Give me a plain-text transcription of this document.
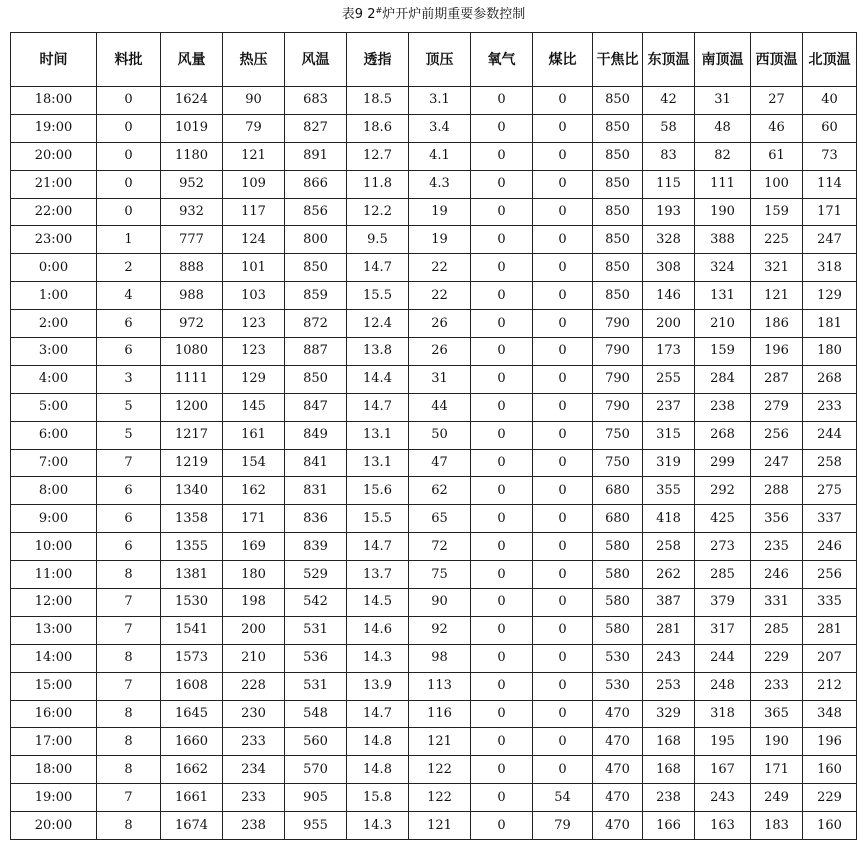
表9 2#炉开炉前期重要参数控制
时间	料批	风量	热压	风温	透指	顶压	氧气	煤比	干焦比	东顶温	南顶温	西顶温	北顶温
18:00	0	1624	90	683	18.5	3.1	0	0	850	42	31	27	40
19:00	0	1019	79	827	18.6	3.4	0	0	850	58	48	46	60
20:00	0	1180	121	891	12.7	4.1	0	0	850	83	82	61	73
21:00	0	952	109	866	11.8	4.3	0	0	850	115	111	100	114
22:00	0	932	117	856	12.2	19	0	0	850	193	190	159	171
23:00	1	777	124	800	9.5	19	0	0	850	328	388	225	247
0:00	2	888	101	850	14.7	22	0	0	850	308	324	321	318
1:00	4	988	103	859	15.5	22	0	0	850	146	131	121	129
2:00	6	972	123	872	12.4	26	0	0	790	200	210	186	181
3:00	6	1080	123	887	13.8	26	0	0	790	173	159	196	180
4:00	3	1111	129	850	14.4	31	0	0	790	255	284	287	268
5:00	5	1200	145	847	14.7	44	0	0	790	237	238	279	233
6:00	5	1217	161	849	13.1	50	0	0	750	315	268	256	244
7:00	7	1219	154	841	13.1	47	0	0	750	319	299	247	258
8:00	6	1340	162	831	15.6	62	0	0	680	355	292	288	275
9:00	6	1358	171	836	15.5	65	0	0	680	418	425	356	337
10:00	6	1355	169	839	14.7	72	0	0	580	258	273	235	246
11:00	8	1381	180	529	13.7	75	0	0	580	262	285	246	256
12:00	7	1530	198	542	14.5	90	0	0	580	387	379	331	335
13:00	7	1541	200	531	14.6	92	0	0	580	281	317	285	281
14:00	8	1573	210	536	14.3	98	0	0	530	243	244	229	207
15:00	7	1608	228	531	13.9	113	0	0	530	253	248	233	212
16:00	8	1645	230	548	14.7	116	0	0	470	329	318	365	348
17:00	8	1660	233	560	14.8	121	0	0	470	168	195	190	196
18:00	8	1662	234	570	14.8	122	0	0	470	168	167	171	160
19:00	7	1661	233	905	15.8	122	0	54	470	238	243	249	229
20:00	8	1674	238	955	14.3	121	0	79	470	166	163	183	160
